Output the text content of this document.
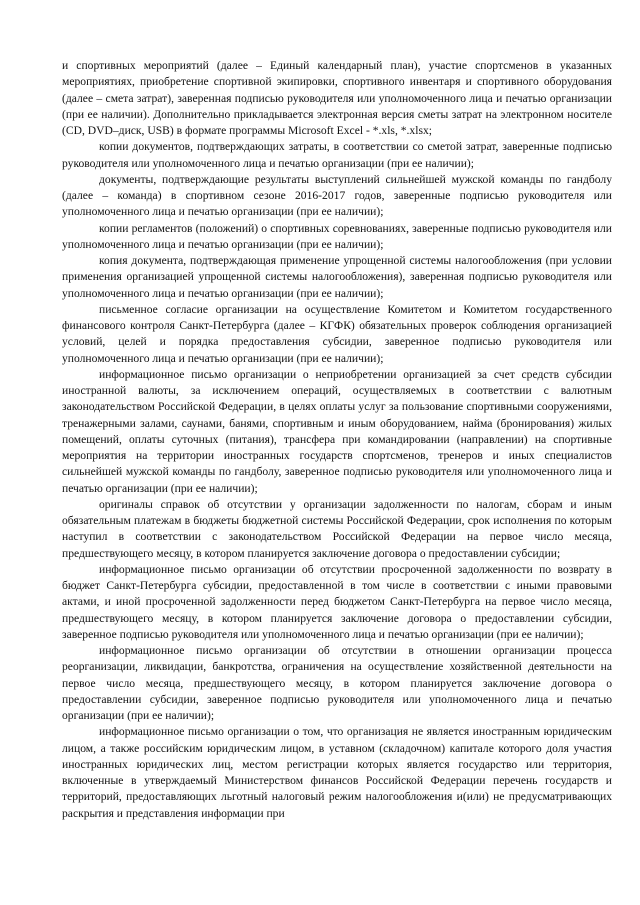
и спортивных мероприятий (далее – Единый календарный план), участие спортсменов в указанных мероприятиях, приобретение спортивной экипировки, спортивного инвентаря и спортивного оборудования (далее – смета затрат), заверенная подписью руководителя или уполномоченного лица и печатью организации (при ее наличии). Дополнительно прикладывается электронная версия сметы затрат на электронном носителе (CD, DVD–диск, USB) в формате программы Microsoft Excel - *.xls, *.xlsx;

копии документов, подтверждающих затраты, в соответствии со сметой затрат, заверенные подписью руководителя или уполномоченного лица и печатью организации (при ее наличии);

документы, подтверждающие результаты выступлений сильнейшей мужской команды по гандболу (далее – команда) в спортивном сезоне 2016-2017 годов, заверенные подписью руководителя или уполномоченного лица и печатью организации (при ее наличии);

копии регламентов (положений) о спортивных соревнованиях, заверенные подписью руководителя или уполномоченного лица и печатью организации (при ее наличии);

копия документа, подтверждающая применение упрощенной системы налогообложения (при условии применения организацией упрощенной системы налогообложения), заверенная подписью руководителя или уполномоченного лица и печатью организации (при ее наличии);

письменное согласие организации на осуществление Комитетом и Комитетом государственного финансового контроля Санкт-Петербурга (далее – КГФК) обязательных проверок соблюдения организацией условий, целей и порядка предоставления субсидии, заверенное подписью руководителя или уполномоченного лица и печатью организации (при ее наличии);

информационное письмо организации о неприобретении организацией за счет средств субсидии иностранной валюты, за исключением операций, осуществляемых в соответствии с валютным законодательством Российской Федерации, в целях оплаты услуг за пользование спортивными сооружениями, тренажерными залами, саунами, банями, спортивным и иным оборудованием, найма (бронирования) жилых помещений, оплаты суточных (питания), трансфера при командировании (направлении) на спортивные мероприятия на территории иностранных государств спортсменов, тренеров и иных специалистов сильнейшей мужской команды по гандболу, заверенное подписью руководителя или уполномоченного лица и печатью организации (при ее наличии);

оригиналы справок об отсутствии у организации задолженности по налогам, сборам и иным обязательным платежам в бюджеты бюджетной системы Российской Федерации, срок исполнения по которым наступил в соответствии с законодательством Российской Федерации на первое число месяца, предшествующего месяцу, в котором планируется заключение договора о предоставлении субсидии;

информационное письмо организации об отсутствии просроченной задолженности по возврату в бюджет Санкт-Петербурга субсидии, предоставленной в том числе в соответствии с иными правовыми актами, и иной просроченной задолженности перед бюджетом Санкт-Петербурга на первое число месяца, предшествующего месяцу, в котором планируется заключение договора о предоставлении субсидии, заверенное подписью руководителя или уполномоченного лица и печатью организации (при ее наличии);

информационное письмо организации об отсутствии в отношении организации процесса реорганизации, ликвидации, банкротства, ограничения на осуществление хозяйственной деятельности на первое число месяца, предшествующего месяцу, в котором планируется заключение договора о предоставлении субсидии, заверенное подписью руководителя или уполномоченного лица и печатью организации (при ее наличии);

информационное письмо организации о том, что организация не является иностранным юридическим лицом, а также российским юридическим лицом, в уставном (складочном) капитале которого доля участия иностранных юридических лиц, местом регистрации которых является государство или территория, включенные в утверждаемый Министерством финансов Российской Федерации перечень государств и территорий, предоставляющих льготный налоговый режим налогообложения и(или) не предусматривающих раскрытия и представления информации при
